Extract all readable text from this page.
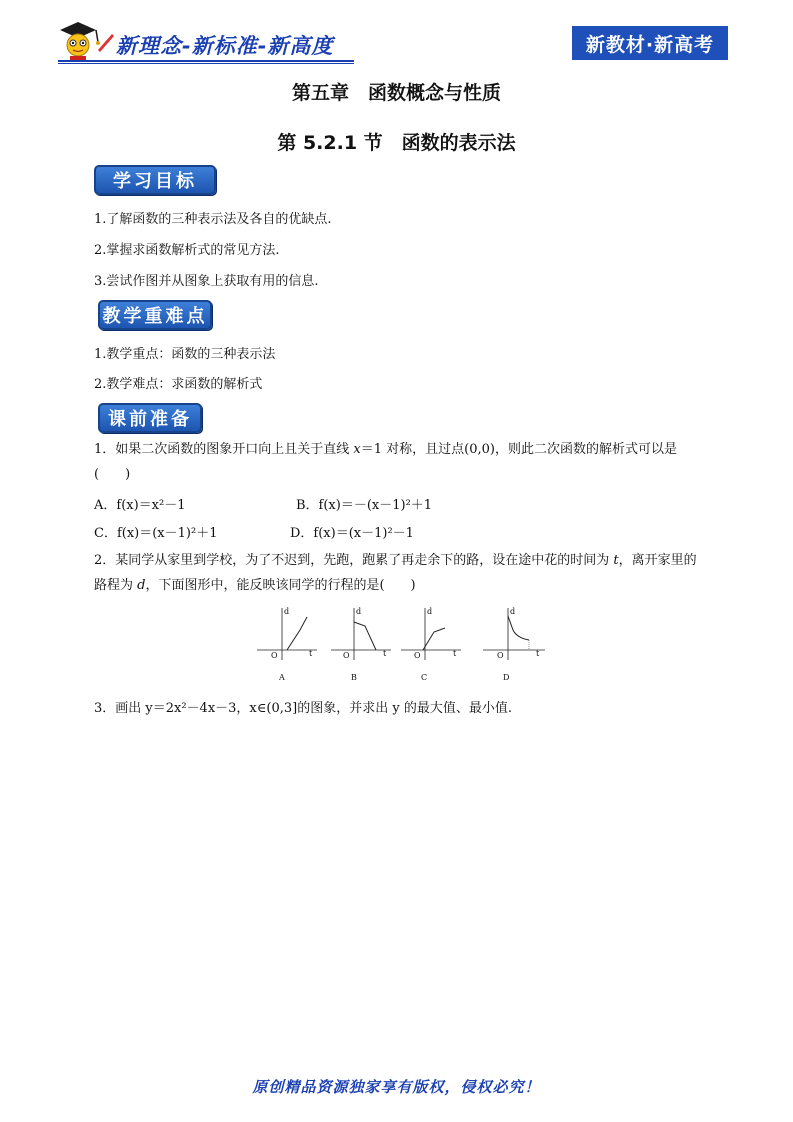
新理念-新标准-新高度	新教材·新高考
第五章　函数概念与性质
第 5.2.1 节　函数的表示法
学习目标
1.了解函数的三种表示法及各自的优缺点.
2.掌握求函数解析式的常见方法.
3.尝试作图并从图象上获取有用的信息.
教学重难点
1.教学重点：函数的三种表示法
2.教学难点：求函数的解析式
课前准备
1．如果二次函数的图象开口向上且关于直线 x＝1 对称，且过点(0,0)，则此二次函数的解析式可以是(　　)
A．f(x)＝x²－1	B．f(x)＝－(x－1)²＋1
C．f(x)＝(x－1)²＋1	D．f(x)＝(x－1)²－1
2．某同学从家里到学校，为了不迟到，先跑，跑累了再走余下的路，设在途中花的时间为 t，离开家里的路程为 d，下面图形中，能反映该同学的行程的是(　　)
d
t
O
A
d
t
O
B
d
t
O
C
d
t
O
D
3．画出 y＝2x²－4x－3，x∈(0,3]的图象，并求出 y 的最大值、最小值.
原创精品资源独家享有版权，侵权必究！
